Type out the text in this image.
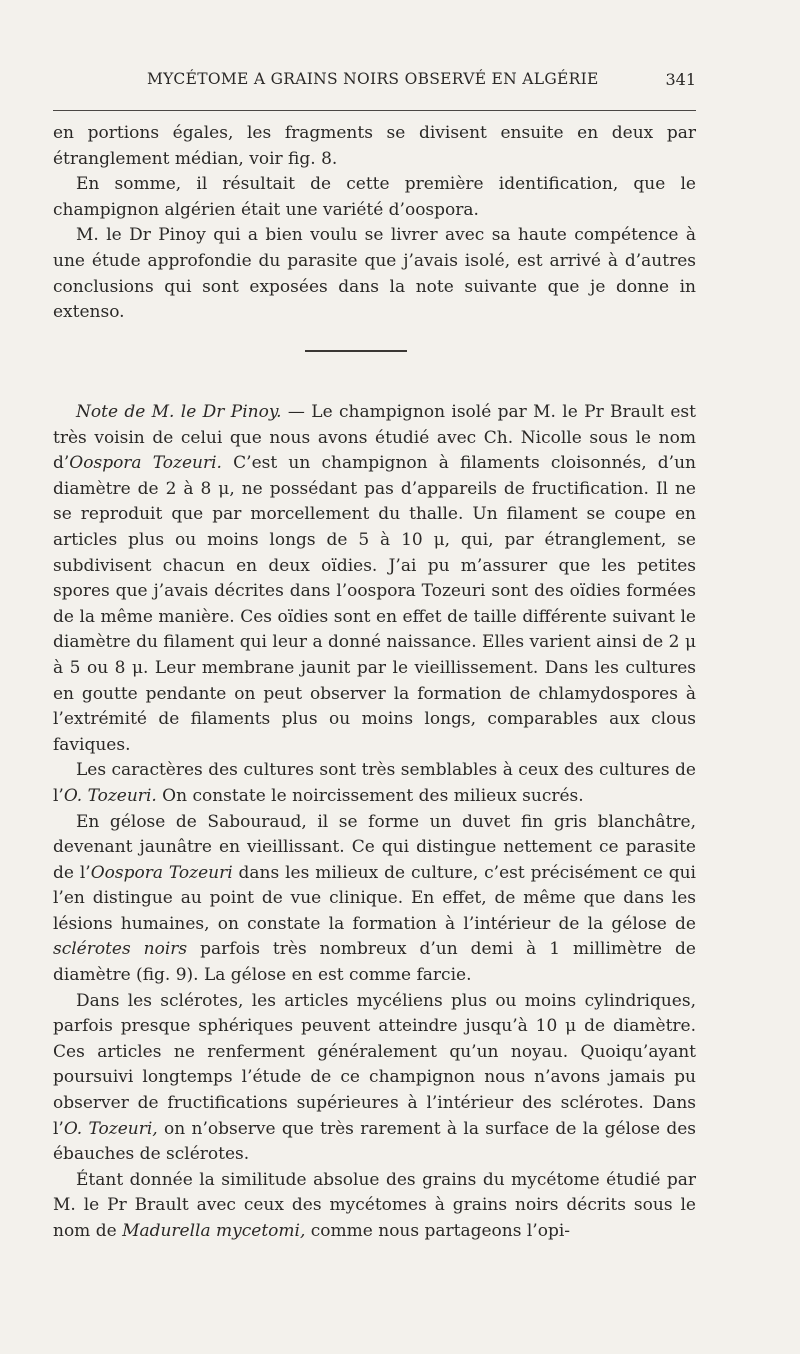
MYCÉTOME A GRAINS NOIRS OBSERVÉ EN ALGÉRIE	341

en portions égales, les fragments se divisent ensuite en deux par étranglement médian, voir fig. 8.

En somme, il résultait de cette première identification, que le champignon algérien était une variété d’oospora.

M. le Dr Pinoy qui a bien voulu se livrer avec sa haute compétence à une étude approfondie du parasite que j’avais isolé, est arrivé à d’autres conclusions qui sont exposées dans la note suivante que je donne in extenso.

Note de M. le Dr Pinoy. — Le champignon isolé par M. le Pr Brault est très voisin de celui que nous avons étudié avec Ch. Nicolle sous le nom d’Oospora Tozeuri. C’est un champignon à filaments cloisonnés, d’un diamètre de 2 à 8 μ, ne possédant pas d’appareils de fructification. Il ne se reproduit que par morcellement du thalle. Un filament se coupe en articles plus ou moins longs de 5 à 10 μ, qui, par étranglement, se subdivisent chacun en deux oïdies. J’ai pu m’assurer que les petites spores que j’avais décrites dans l’oospora Tozeuri sont des oïdies formées de la même manière. Ces oïdies sont en effet de taille différente suivant le diamètre du filament qui leur a donné naissance. Elles varient ainsi de 2 μ à 5 ou 8 μ. Leur membrane jaunit par le vieillissement. Dans les cultures en goutte pendante on peut observer la formation de chlamydospores à l’extrémité de filaments plus ou moins longs, comparables aux clous faviques.

Les caractères des cultures sont très semblables à ceux des cultures de l’O. Tozeuri. On constate le noircissement des milieux sucrés.

En gélose de Sabouraud, il se forme un duvet fin gris blanchâtre, devenant jaunâtre en vieillissant. Ce qui distingue nettement ce parasite de l’Oospora Tozeuri dans les milieux de culture, c’est précisément ce qui l’en distingue au point de vue clinique. En effet, de même que dans les lésions humaines, on constate la formation à l’intérieur de la gélose de sclérotes noirs parfois très nombreux d’un demi à 1 millimètre de diamètre (fig. 9). La gélose en est comme farcie.

Dans les sclérotes, les articles mycéliens plus ou moins cylindriques, parfois presque sphériques peuvent atteindre jusqu’à 10 μ de diamètre. Ces articles ne renferment généralement qu’un noyau. Quoiqu’ayant poursuivi longtemps l’étude de ce champignon nous n’avons jamais pu observer de fructifications supérieures à l’intérieur des sclérotes. Dans l’O. Tozeuri, on n’observe que très rarement à la surface de la gélose des ébauches de sclérotes.

Étant donnée la similitude absolue des grains du mycétome étudié par M. le Pr Brault avec ceux des mycétomes à grains noirs décrits sous le nom de Madurella mycetomi, comme nous partageons l’opi-
